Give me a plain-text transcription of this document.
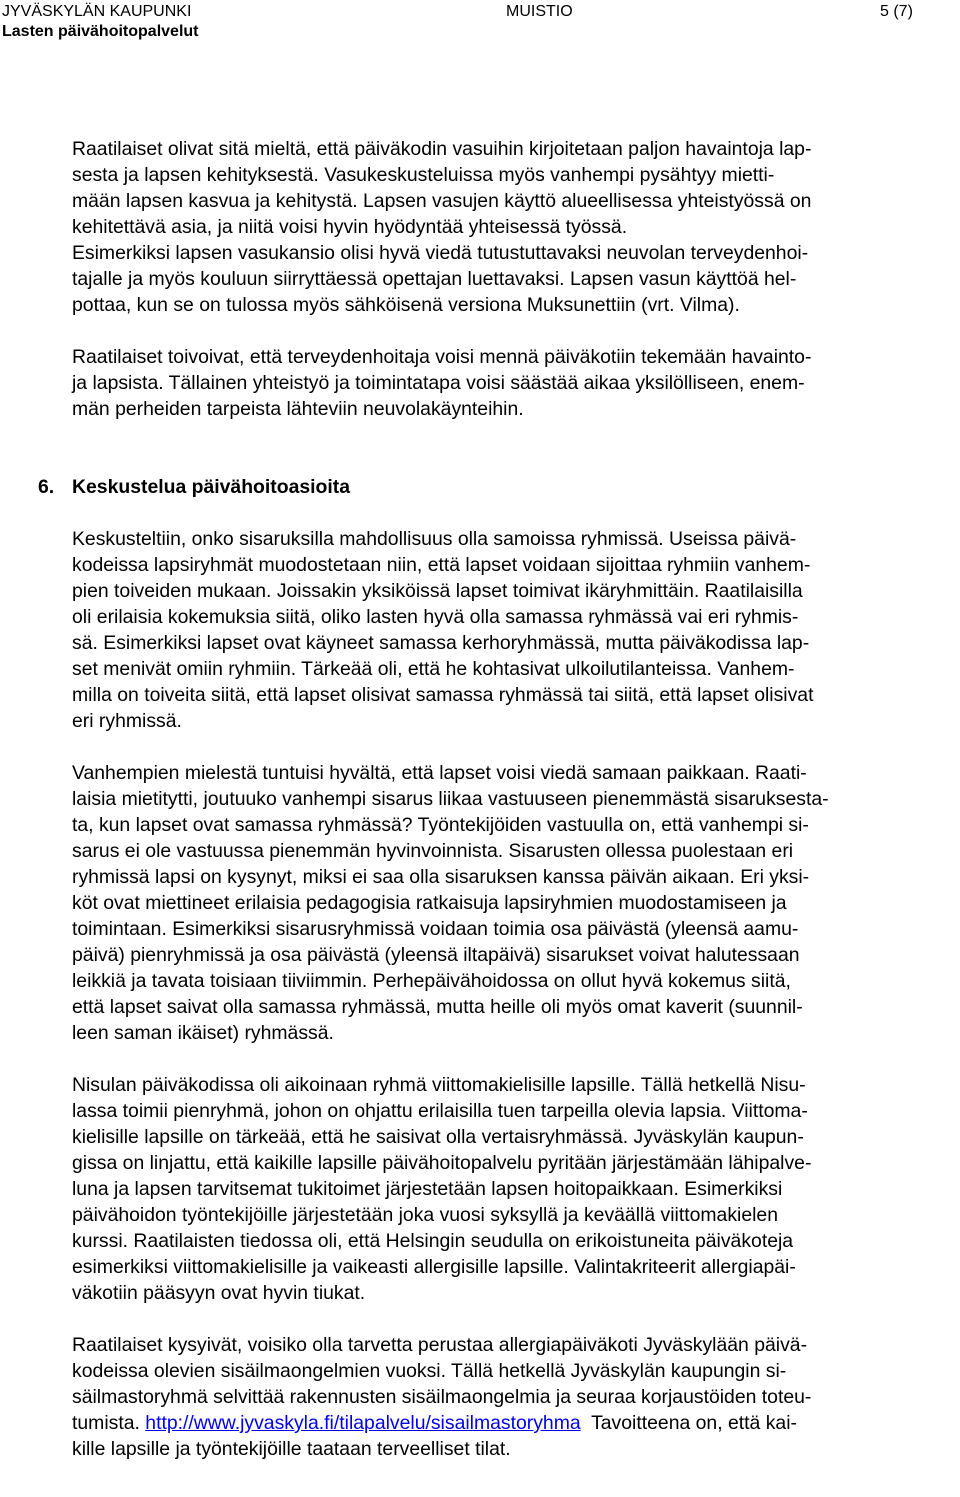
JYVÄSKYLÄN KAUPUNKI
Lasten päivähoitopalvelut
MUISTIO	5 (7)

Raatilaiset olivat sitä mieltä, että päiväkodin vasuihin kirjoitetaan paljon havaintoja lap-
sesta ja lapsen kehityksestä. Vasukeskusteluissa myös vanhempi pysähtyy mietti-
mään lapsen kasvua ja kehitystä. Lapsen vasujen käyttö alueellisessa yhteistyössä on
kehitettävä asia, ja niitä voisi hyvin hyödyntää yhteisessä työssä.
Esimerkiksi lapsen vasukansio olisi hyvä viedä tutustuttavaksi neuvolan terveydenhoi-
tajalle ja myös kouluun siirryttäessä opettajan luettavaksi. Lapsen vasun käyttöä hel-
pottaa, kun se on tulossa myös sähköisenä versiona Muksunettiin (vrt. Vilma).

Raatilaiset toivoivat, että terveydenhoitaja voisi mennä päiväkotiin tekemään havainto-
ja lapsista. Tällainen yhteistyö ja toimintatapa voisi säästää aikaa yksilölliseen, enem-
män perheiden tarpeista lähteviin neuvolakäynteihin.

6. Keskustelua päivähoitoasioita

Keskusteltiin, onko sisaruksilla mahdollisuus olla samoissa ryhmissä. Useissa päivä-
kodeissa lapsiryhmät muodostetaan niin, että lapset voidaan sijoittaa ryhmiin vanhem-
pien toiveiden mukaan. Joissakin yksiköissä lapset toimivat ikäryhmittäin. Raatilaisilla
oli erilaisia kokemuksia siitä, oliko lasten hyvä olla samassa ryhmässä vai eri ryhmis-
sä. Esimerkiksi lapset ovat käyneet samassa kerhoryhmässä, mutta päiväkodissa lap-
set menivät omiin ryhmiin. Tärkeää oli, että he kohtasivat ulkoilutilanteissa. Vanhem-
milla on toiveita siitä, että lapset olisivat samassa ryhmässä tai siitä, että lapset olisivat
eri ryhmissä.

Vanhempien mielestä tuntuisi hyvältä, että lapset voisi viedä samaan paikkaan. Raati-
laisia mietitytti, joutuuko vanhempi sisarus liikaa vastuuseen pienemmästä sisaruksesta-
ta, kun lapset ovat samassa ryhmässä? Työntekijöiden vastuulla on, että vanhempi si-
sarus ei ole vastuussa pienemmän hyvinvoinnista. Sisarusten ollessa puolestaan eri
ryhmissä lapsi on kysynyt, miksi ei saa olla sisaruksen kanssa päivän aikaan. Eri yksi-
köt ovat miettineet erilaisia pedagogisia ratkaisuja lapsiryhmien muodostamiseen ja
toimintaan. Esimerkiksi sisarusryhmissä voidaan toimia osa päivästä (yleensä aamu-
päivä) pienryhmissä ja osa päivästä (yleensä iltapäivä) sisarukset voivat halutessaan
leikkiä ja tavata toisiaan tiiviimmin. Perhepäivähoidossa on ollut hyvä kokemus siitä,
että lapset saivat olla samassa ryhmässä, mutta heille oli myös omat kaverit (suunnil-
leen saman ikäiset) ryhmässä.

Nisulan päiväkodissa oli aikoinaan ryhmä viittomakielisille lapsille. Tällä hetkellä Nisu-
lassa toimii pienryhmä, johon on ohjattu erilaisilla tuen tarpeilla olevia lapsia. Viittoma-
kielisille lapsille on tärkeää, että he saisivat olla vertaisryhmässä. Jyväskylän kaupun-
gissa on linjattu, että kaikille lapsille päivähoitopalvelu pyritään järjestämään lähipalve-
luna ja lapsen tarvitsemat tukitoimet järjestetään lapsen hoitopaikkaan. Esimerkiksi
päivähoidon työntekijöille järjestetään joka vuosi syksyllä ja keväällä viittomakielen
kurssi. Raatilaisten tiedossa oli, että Helsingin seudulla on erikoistuneita päiväkoteja
esimerkiksi viittomakielisille ja vaikeasti allergisille lapsille. Valintakriteerit allergiapäi-
väkotiin pääsyyn ovat hyvin tiukat.

Raatilaiset kysyivät, voisiko olla tarvetta perustaa allergiapäiväkoti Jyväskylään päivä-
kodeissa olevien sisäilmaongelmien vuoksi. Tällä hetkellä Jyväskylän kaupungin si-
säilmastoryhmä selvittää rakennusten sisäilmaongelmia ja seuraa korjaustöiden toteu-
tumista. http://www.jyvaskyla.fi/tilapalvelu/sisailmastoryhma  Tavoitteena on, että kai-
kille lapsille ja työntekijöille taataan terveelliset tilat.
